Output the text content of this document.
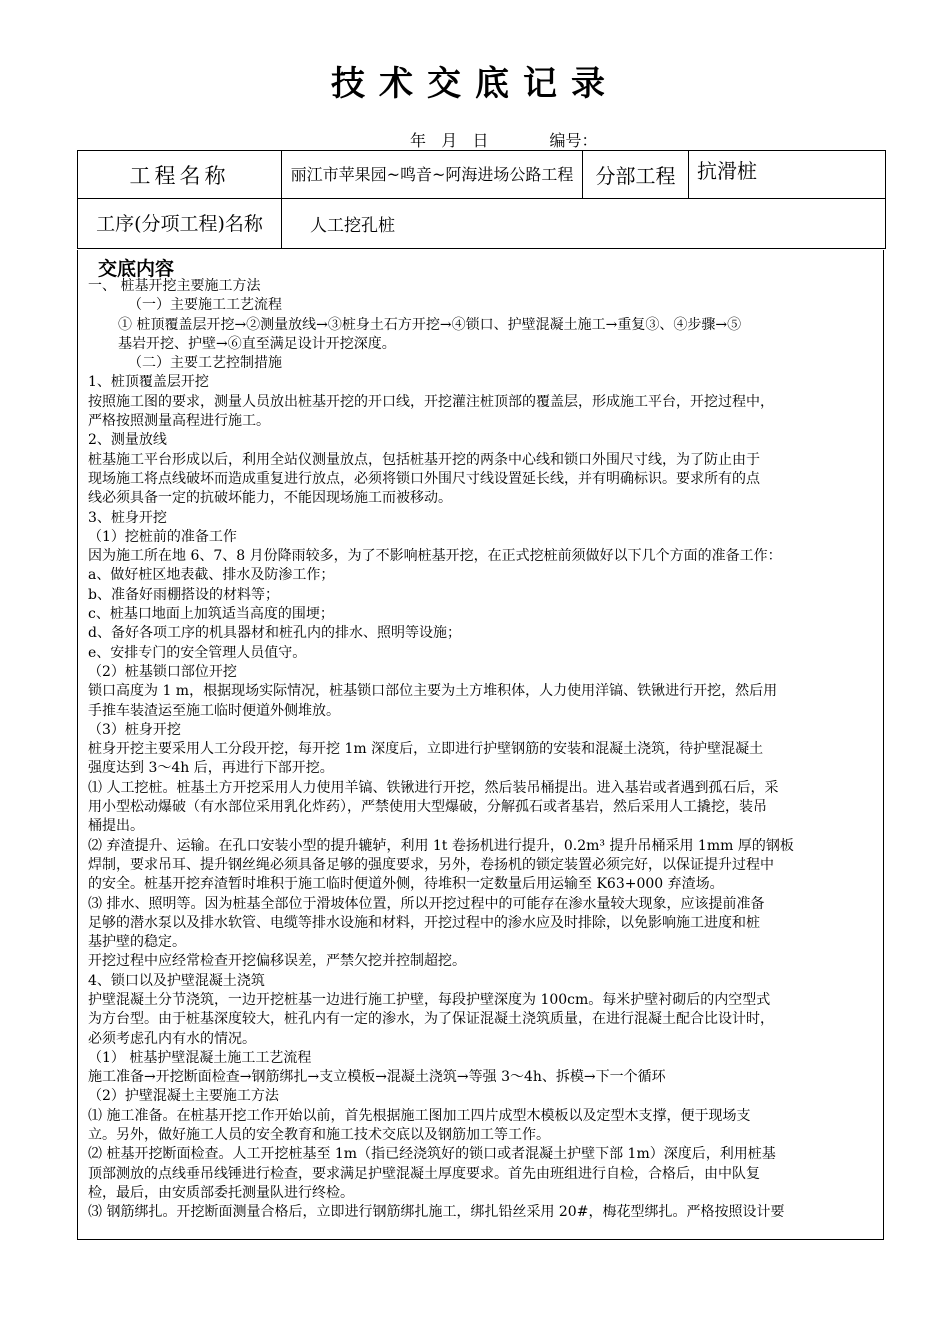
技术交底记录
年   月   日            编号：
工程名称	丽江市苹果园~鸣音~阿海进场公路工程	分部工程	抗滑桩
工序(分项工程)名称	人工挖孔桩		
交底内容
一、 桩基开挖主要施工方法
（一）主要施工工艺流程
① 桩顶覆盖层开挖→②测量放线→③桩身土石方开挖→④锁口、护壁混凝土施工→重复③、④步骤→⑤
基岩开挖、护壁→⑥直至满足设计开挖深度。
（二）主要工艺控制措施
1、桩顶覆盖层开挖
按照施工图的要求，测量人员放出桩基开挖的开口线，开挖灌注桩顶部的覆盖层，形成施工平台，开挖过程中，
严格按照测量高程进行施工。
2、测量放线
桩基施工平台形成以后，利用全站仪测量放点，包括桩基开挖的两条中心线和锁口外围尺寸线，为了防止由于
现场施工将点线破坏而造成重复进行放点，必须将锁口外围尺寸线设置延长线，并有明确标识。要求所有的点
线必须具备一定的抗破坏能力，不能因现场施工而被移动。
3、桩身开挖
（1）挖桩前的准备工作
因为施工所在地 6、7、8 月份降雨较多，为了不影响桩基开挖，在正式挖桩前须做好以下几个方面的准备工作：
a、做好桩区地表截、排水及防渗工作；
b、准备好雨棚搭设的材料等；
c、桩基口地面上加筑适当高度的围埂；
d、备好各项工序的机具器材和桩孔内的排水、照明等设施；
e、安排专门的安全管理人员值守。
（2）桩基锁口部位开挖
锁口高度为 1 m，根据现场实际情况，桩基锁口部位主要为土方堆积体，人力使用洋镐、铁锹进行开挖，然后用
手推车装渣运至施工临时便道外侧堆放。
（3）桩身开挖
桩身开挖主要采用人工分段开挖，每开挖 1m 深度后，立即进行护壁钢筋的安装和混凝土浇筑，待护壁混凝土
强度达到 3～4h 后，再进行下部开挖。
⑴ 人工挖桩。桩基土方开挖采用人力使用羊镐、铁锹进行开挖，然后装吊桶提出。进入基岩或者遇到孤石后，采
用小型松动爆破（有水部位采用乳化炸药），严禁使用大型爆破，分解孤石或者基岩，然后采用人工撬挖，装吊
桶提出。
⑵ 弃渣提升、运输。在孔口安装小型的提升辘轳，利用 1t 卷扬机进行提升，0.2m³ 提升吊桶采用 1mm 厚的钢板
焊制，要求吊耳、提升钢丝绳必须具备足够的强度要求，另外，卷扬机的锁定装置必须完好，以保证提升过程中
的安全。桩基开挖弃渣暂时堆积于施工临时便道外侧，待堆积一定数量后用运输至 K63+000 弃渣场。
⑶ 排水、照明等。因为桩基全部位于滑坡体位置，所以开挖过程中的可能存在渗水量较大现象，应该提前准备
足够的潜水泵以及排水软管、电缆等排水设施和材料，开挖过程中的渗水应及时排除，以免影响施工进度和桩
基护壁的稳定。
开挖过程中应经常检查开挖偏移误差，严禁欠挖并控制超挖。
4、锁口以及护壁混凝土浇筑
护壁混凝土分节浇筑，一边开挖桩基一边进行施工护壁，每段护壁深度为 100cm。每米护壁衬砌后的内空型式
为方台型。由于桩基深度较大，桩孔内有一定的渗水，为了保证混凝土浇筑质量，在进行混凝土配合比设计时，
必须考虑孔内有水的情况。
（1） 桩基护壁混凝土施工工艺流程
施工准备→开挖断面检查→钢筋绑扎→支立模板→混凝土浇筑→等强 3～4h、拆模→下一个循环
（2）护壁混凝土主要施工方法
⑴ 施工准备。在桩基开挖工作开始以前，首先根据施工图加工四片成型木模板以及定型木支撑，便于现场支
立。另外，做好施工人员的安全教育和施工技术交底以及钢筋加工等工作。
⑵ 桩基开挖断面检查。人工开挖桩基至 1m（指已经浇筑好的锁口或者混凝土护壁下部 1m）深度后，利用桩基
顶部测放的点线垂吊线锤进行检查，要求满足护壁混凝土厚度要求。首先由班组进行自检，合格后，由中队复
检，最后，由安质部委托测量队进行终检。
⑶ 钢筋绑扎。开挖断面测量合格后，立即进行钢筋绑扎施工，绑扎铅丝采用 20#，梅花型绑扎。严格按照设计要
